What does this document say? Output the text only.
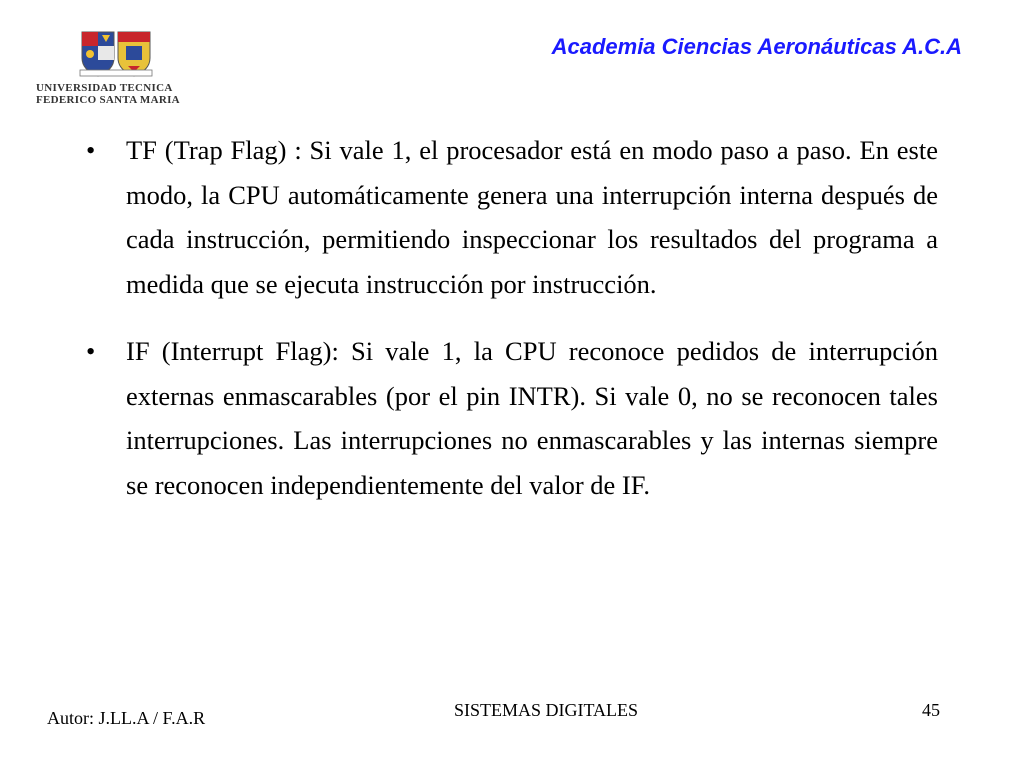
UNIVERSIDAD TECNICA
FEDERICO SANTA MARIA
Academia Ciencias Aeronáuticas A.C.A
•	TF (Trap Flag) : Si vale 1, el procesador está en modo paso a paso. En este modo, la CPU automáticamente genera una interrupción interna después de cada instrucción, permitiendo inspeccionar los resultados del programa a medida que se ejecuta instrucción por instrucción.
•	IF (Interrupt Flag): Si vale 1, la CPU reconoce pedidos de interrupción externas enmascarables (por el pin INTR). Si vale 0, no se reconocen tales interrupciones. Las interrupciones no enmascarables y las internas siempre se reconocen independientemente del valor de IF.
Autor: J.LL.A / F.A.R	SISTEMAS DIGITALES	45
